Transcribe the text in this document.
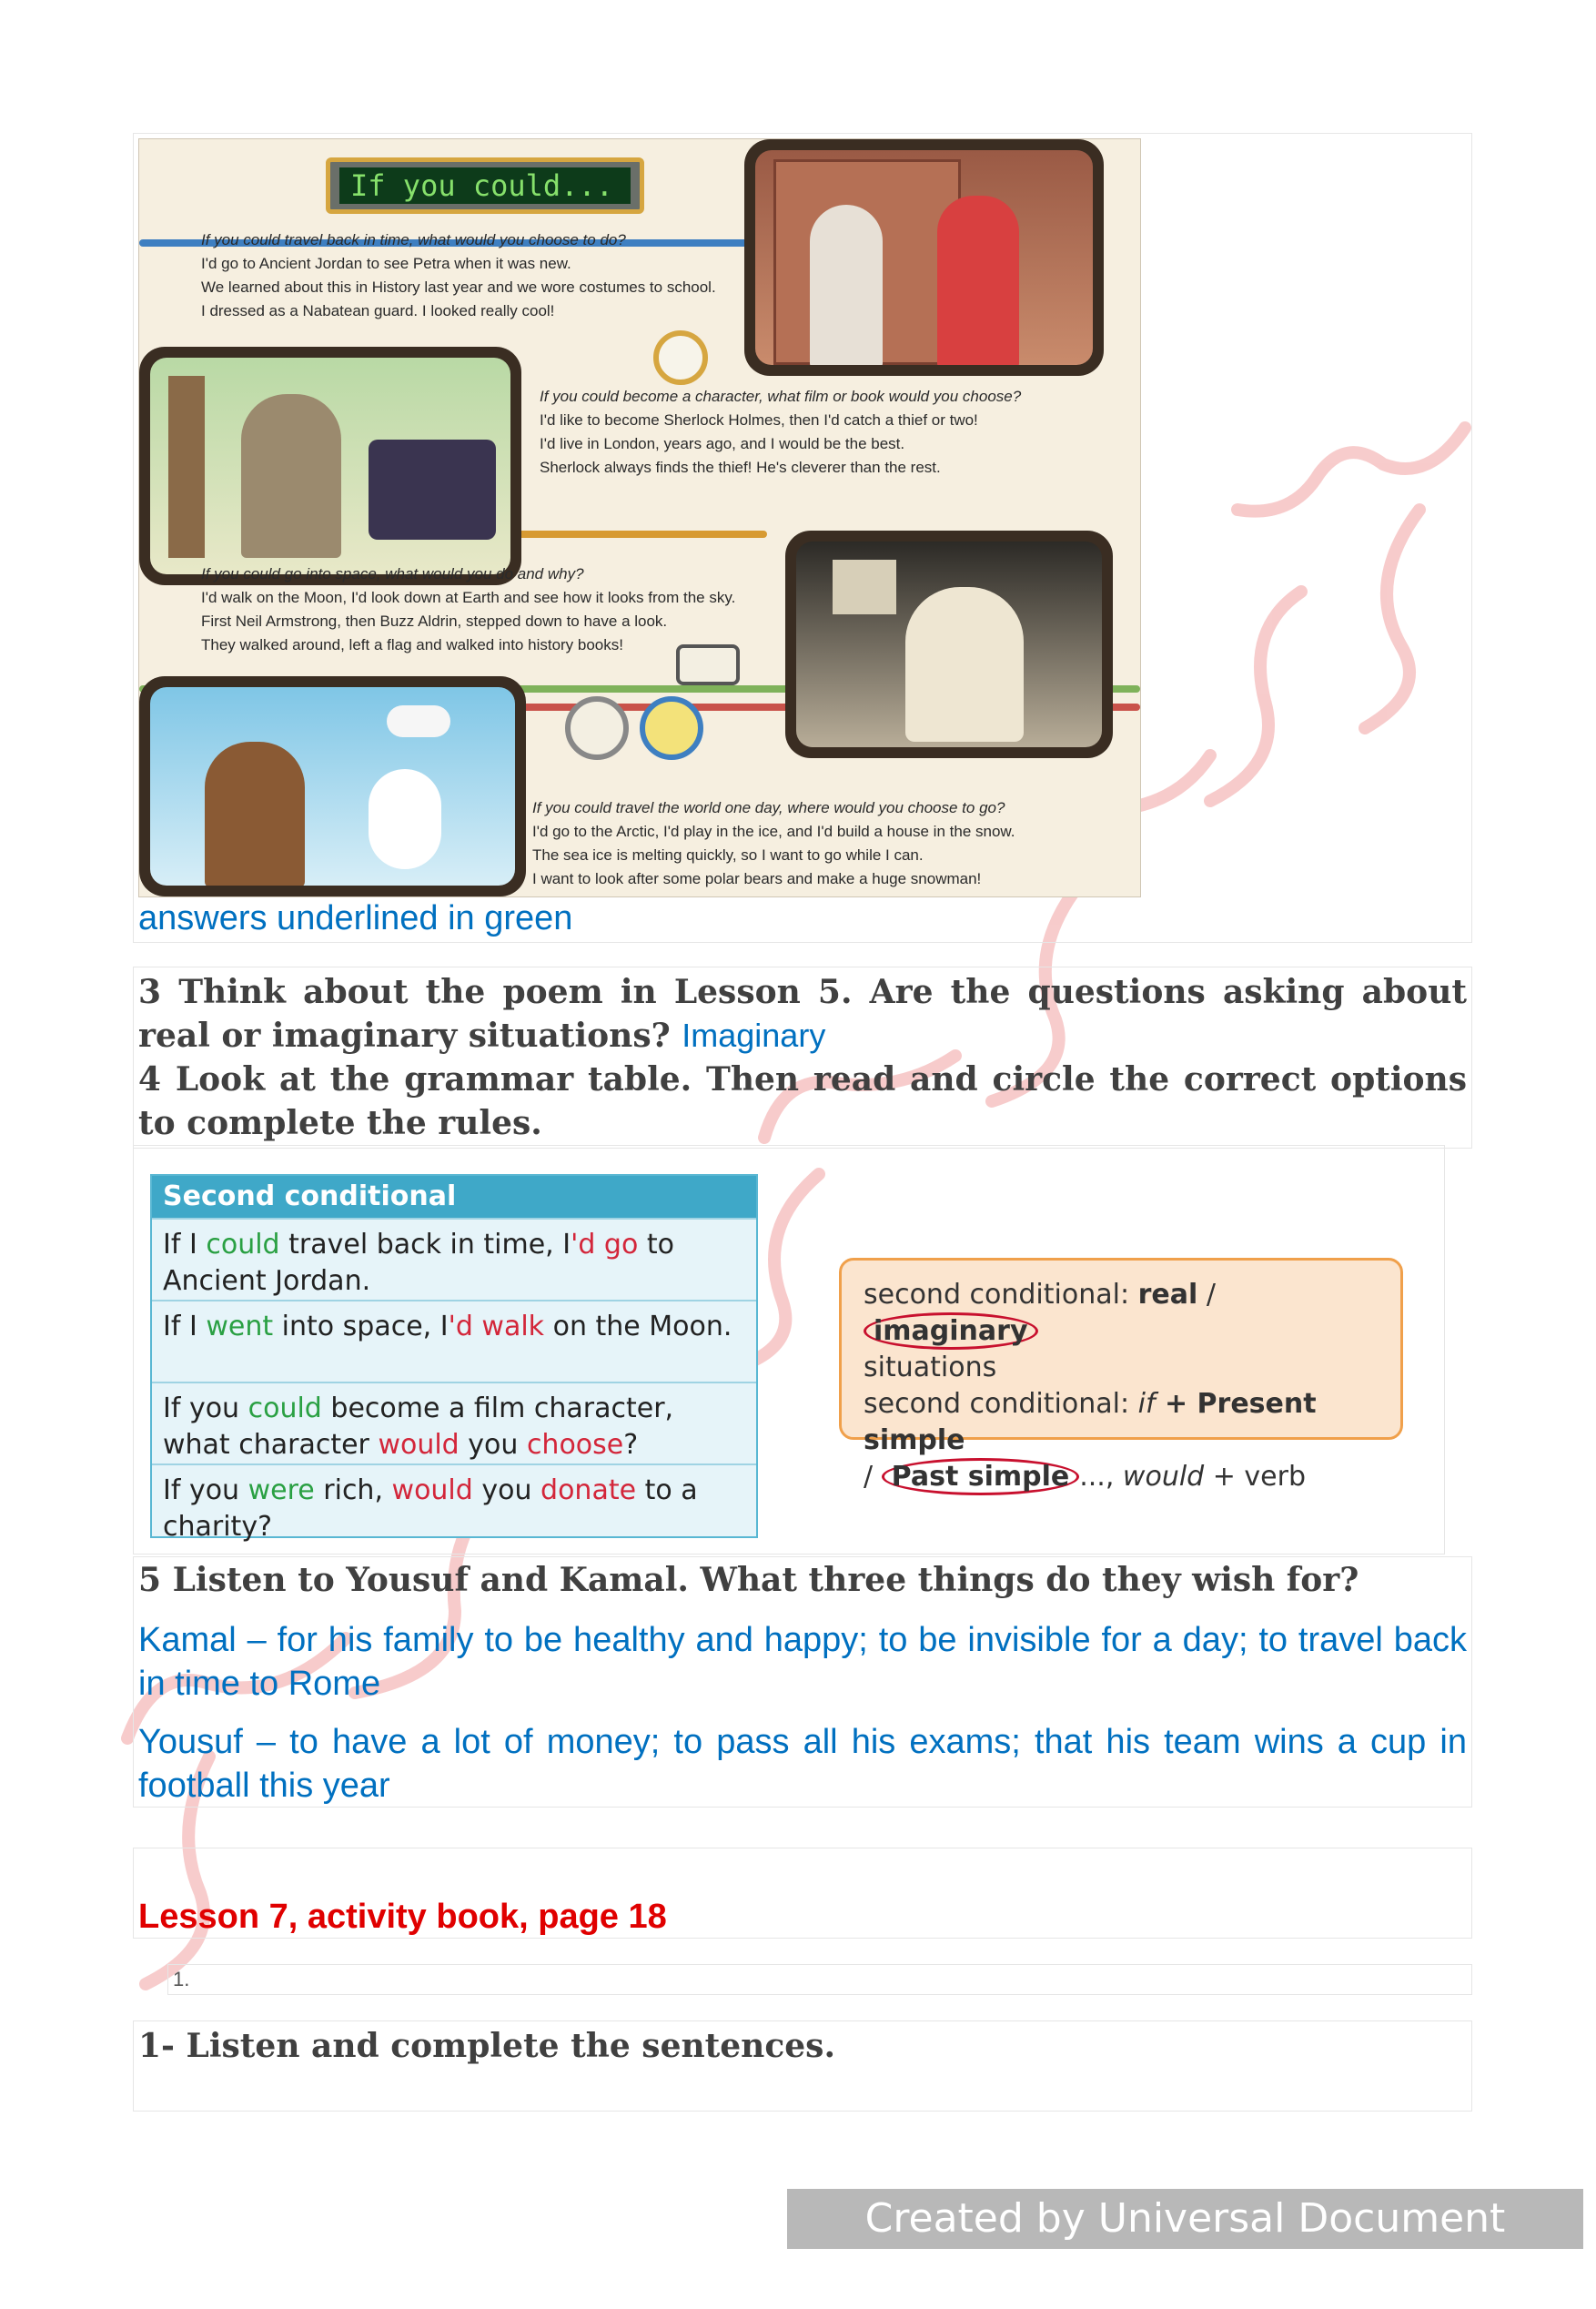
If you could...
If you could travel back in time, what would you choose to do?
I'd go to Ancient Jordan to see Petra when it was new.
We learned about this in History last year and we wore costumes to school.
I dressed as a Nabatean guard. I looked really cool!
If you could become a character, what film or book would you choose?
I'd like to become Sherlock Holmes, then I'd catch a thief or two!
I'd live in London, years ago, and I would be the best.
Sherlock always finds the thief! He's cleverer than the rest.
If you could go into space, what would you do and why?
I'd walk on the Moon, I'd look down at Earth and see how it looks from the sky.
First Neil Armstrong, then Buzz Aldrin, stepped down to have a look.
They walked around, left a flag and walked into history books!
If you could travel the world one day, where would you choose to go?
I'd go to the Arctic, I'd play in the ice, and I'd build a house in the snow.
The sea ice is melting quickly, so I want to go while I can.
I want to look after some polar bears and make a huge snowman!
answers underlined in green
3 Think about the poem in Lesson 5. Are the questions asking about real or imaginary situations? Imaginary
4 Look at the grammar table. Then read and circle the correct options to complete the rules.
Second conditional
If I could travel back in time, I'd go to Ancient Jordan.
If I went into space, I'd walk on the Moon.
If you could become a film character, what character would you choose?
If you were rich, would you donate to a charity?
second conditional: real / imaginary
situations
second conditional: if + Present simple
/ Past simple ..., would + verb
5 Listen to Yousuf and Kamal. What three things do they wish for?
Kamal – for his family to be healthy and happy; to be invisible for a day; to travel back in time to Rome
Yousuf – to have a lot of money; to pass all his exams; that his team wins a cup in football this year
Lesson 7, activity book, page 18
1.
1- Listen and complete the sentences.
Created by Universal Document Converter
